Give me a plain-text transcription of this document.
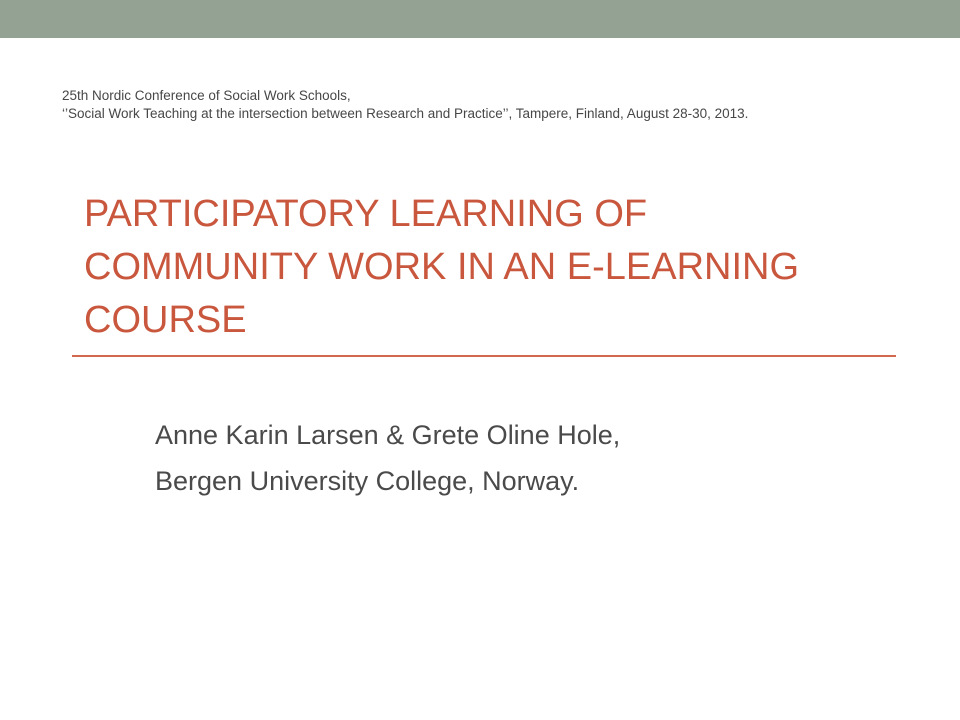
25th Nordic Conference of Social Work Schools,
‘’Social Work Teaching at the intersection between Research and Practice’’, Tampere, Finland, August 28-30, 2013.
PARTICIPATORY LEARNING OF
COMMUNITY WORK IN AN E-LEARNING
COURSE
Anne Karin Larsen & Grete Oline Hole,
Bergen University College, Norway.
